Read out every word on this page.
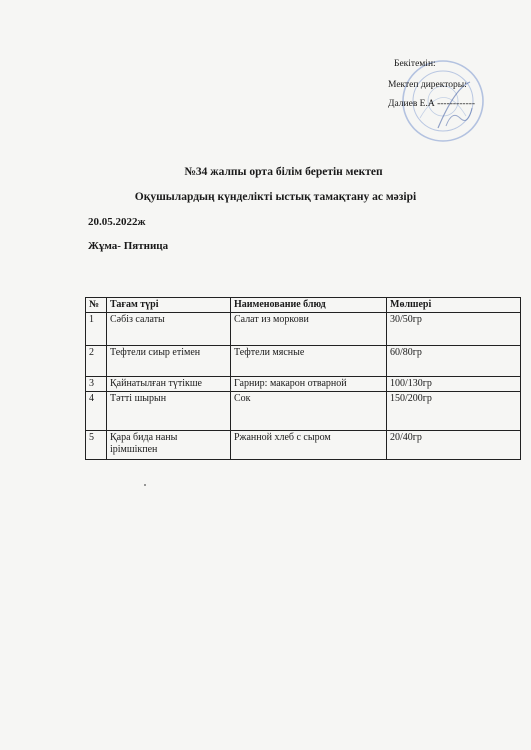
Бекітемін:
Мектеп директоры:
Далиев Е.А ------------
№34 жалпы орта білім беретін мектеп
Оқушылардың күнделікті ыстық тамақтану ас мәзірі
20.05.2022ж
Жұма- Пятница
№	Тағам түрі	Наименование блюд	Мөлшері
1	Сәбіз салаты	Салат из моркови	30/50гр
2	Тефтели сиыр етімен	Тефтели мясные	60/80гр
3	Қайнатылған түтікше	Гарнир: макарон отварной	100/130гр
4	Тәтті шырын	Сок	150/200гр
5	Қара бида наны ірімшікпен	Ржанной хлеб с сыром	20/40гр
